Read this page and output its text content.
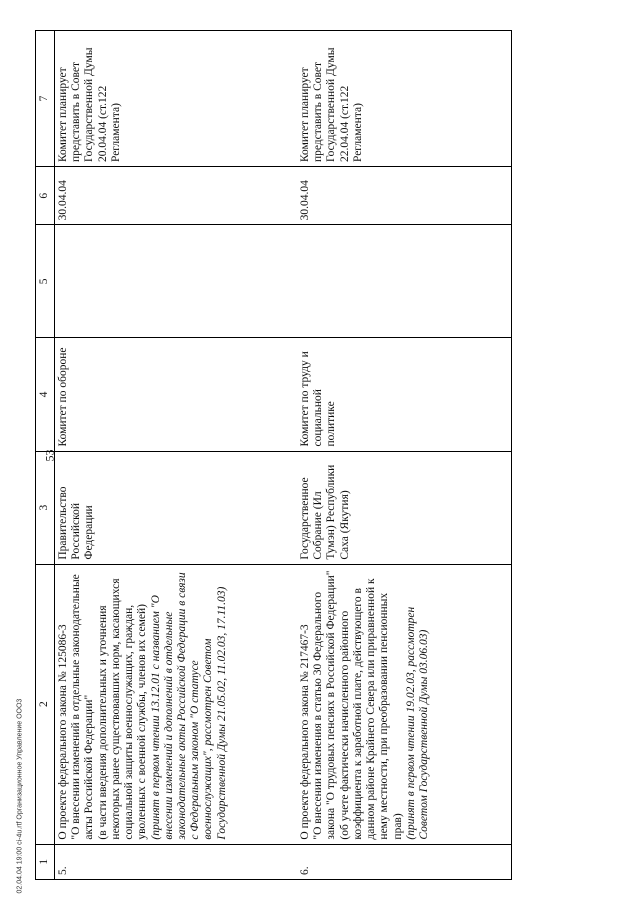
53
02.04.04 19:00 ci-4u.rtf Организационное Управление ООО3 1	2	3	4	5	6	7
5.	О проекте федерального закона № 125086-3 "О внесении изменений в отдельные законодательные акты Российской Федерации" (в части введения дополнительных и уточнения некоторых ранее существовавших норм, касающихся социальной защиты военнослужащих, граждан, уволенных с военной службы, членов их семей) (принят в первом чтении 13.12.01 с названием "О внесении изменений и дополнений в отдельные законодательные акты Российской Федерации в связи с Федеральным законом "О статусе военнослужащих", рассмотрен Советом Государственной Думы 21.05.02, 11.02.03, 17.11.03)	Правительство Российской Федерации	Комитет по обороне		30.04.04	Комитет планирует представить в Совет Государственной Думы 20.04.04 (ст.122 Регламента)
6.	О проекте федерального закона № 217467-3 "О внесении изменения в статью 30 Федерального закона "О трудовых пенсиях в Российской Федерации" (об учете фактически начисленного районного коэффициента к заработной плате, действующего в данном районе Крайнего Севера или приравненной к нему местности, при преобразовании пенсионных прав) (принят в первом чтении 19.02.03, рассмотрен Советом Государственной Думы 03.06.03)	Государственное Собрание (Ил Тумэн) Республики Саха (Якутия)	Комитет по труду и социальной политике		30.04.04	Комитет планирует представить в Совет Государственной Думы 22.04.04 (ст.122 Регламента)
